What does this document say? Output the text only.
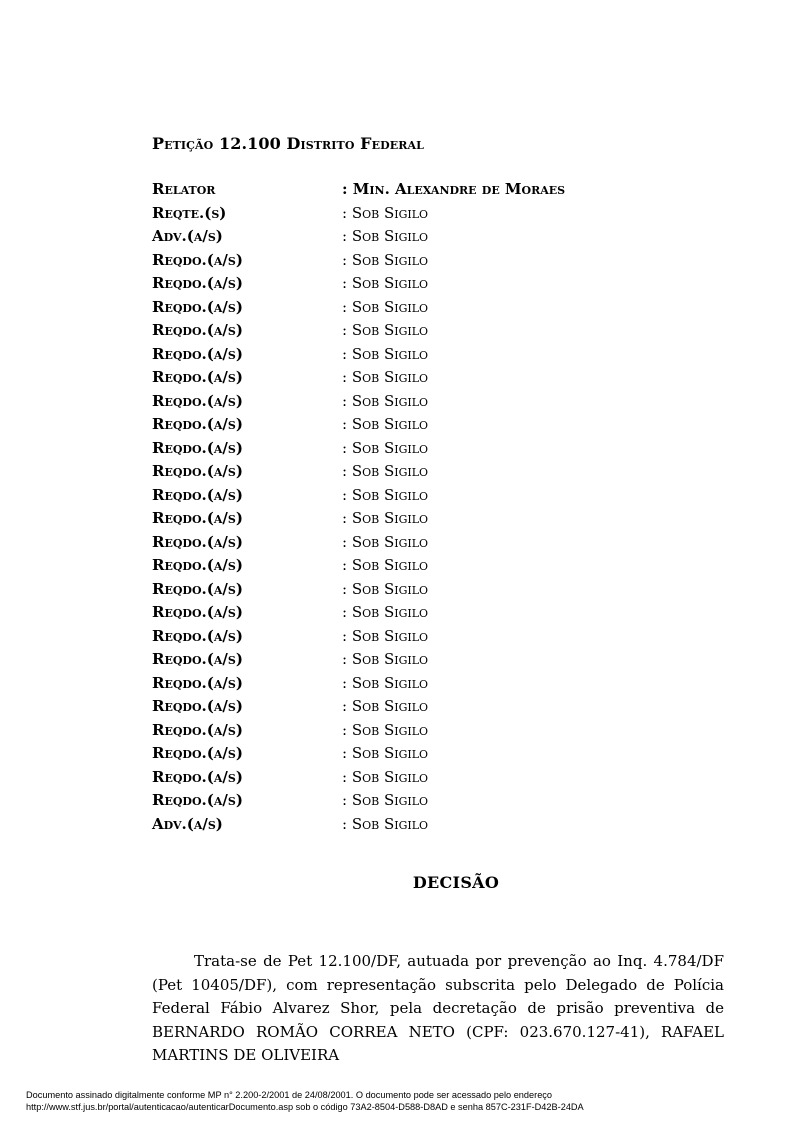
Petição 12.100 Distrito Federal
Relator	: Min. Alexandre de Moraes
Reqte.(s)	: Sob Sigilo
Adv.(a/s)	: Sob Sigilo
Reqdo.(a/s)	: Sob Sigilo
Reqdo.(a/s)	: Sob Sigilo
Reqdo.(a/s)	: Sob Sigilo
Reqdo.(a/s)	: Sob Sigilo
Reqdo.(a/s)	: Sob Sigilo
Reqdo.(a/s)	: Sob Sigilo
Reqdo.(a/s)	: Sob Sigilo
Reqdo.(a/s)	: Sob Sigilo
Reqdo.(a/s)	: Sob Sigilo
Reqdo.(a/s)	: Sob Sigilo
Reqdo.(a/s)	: Sob Sigilo
Reqdo.(a/s)	: Sob Sigilo
Reqdo.(a/s)	: Sob Sigilo
Reqdo.(a/s)	: Sob Sigilo
Reqdo.(a/s)	: Sob Sigilo
Reqdo.(a/s)	: Sob Sigilo
Reqdo.(a/s)	: Sob Sigilo
Reqdo.(a/s)	: Sob Sigilo
Reqdo.(a/s)	: Sob Sigilo
Reqdo.(a/s)	: Sob Sigilo
Reqdo.(a/s)	: Sob Sigilo
Reqdo.(a/s)	: Sob Sigilo
Reqdo.(a/s)	: Sob Sigilo
Reqdo.(a/s)	: Sob Sigilo
Adv.(a/s)	: Sob Sigilo
DECISÃO

Trata-se de Pet 12.100/DF, autuada por prevenção ao Inq. 4.784/DF (Pet 10405/DF), com representação subscrita pelo Delegado de Polícia Federal Fábio Alvarez Shor, pela decretação de prisão preventiva de BERNARDO ROMÃO CORREA NETO (CPF: 023.670.127-41), RAFAEL MARTINS DE OLIVEIRA

Documento assinado digitalmente conforme MP n° 2.200-2/2001 de 24/08/2001. O documento pode ser acessado pelo endereço
http://www.stf.jus.br/portal/autenticacao/autenticarDocumento.asp sob o código 73A2-8504-D588-D8AD e senha 857C-231F-D42B-24DA
